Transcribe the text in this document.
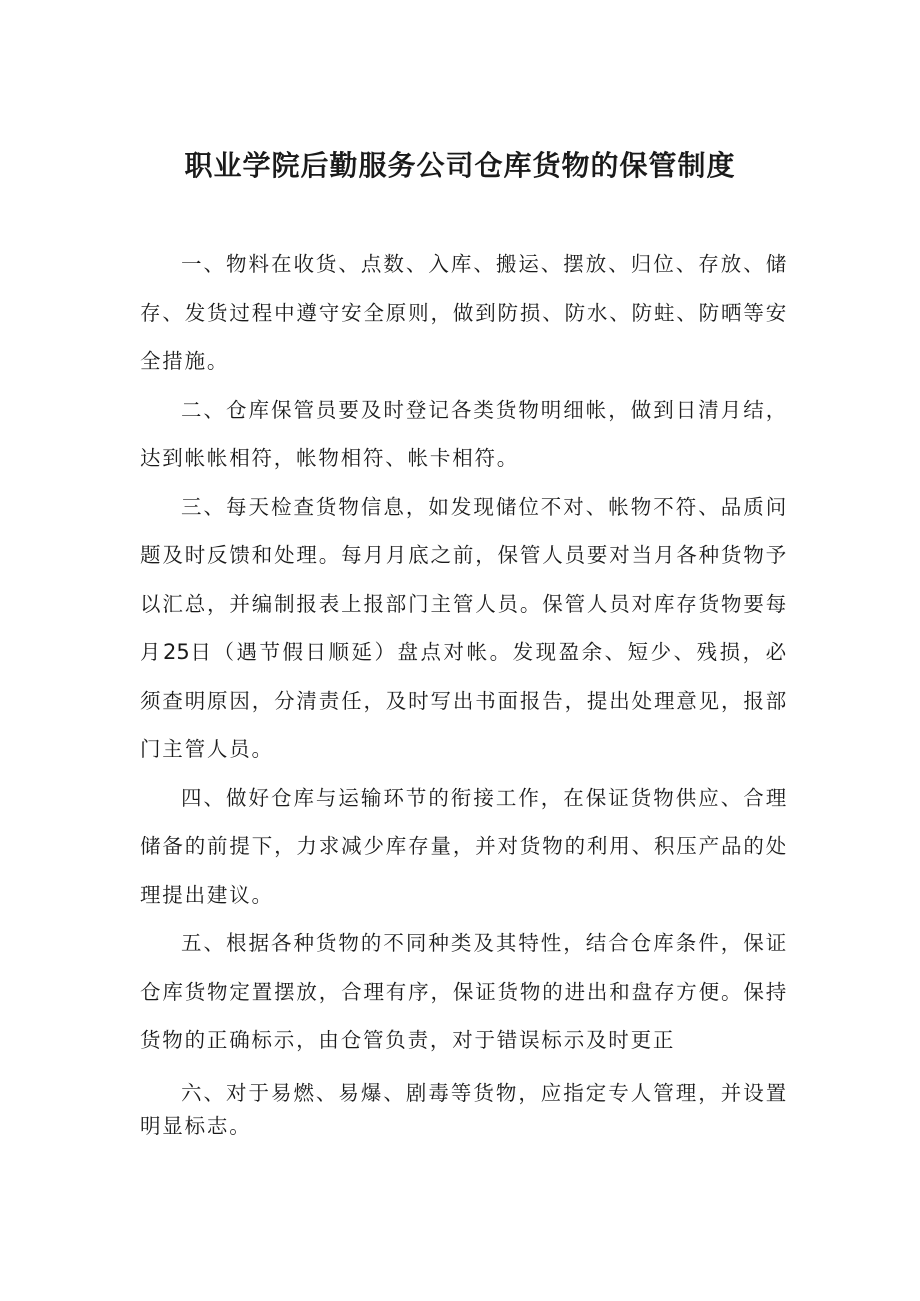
职业学院后勤服务公司仓库货物的保管制度

一、物料在收货、点数、入库、搬运、摆放、归位、存放、储存、发货过程中遵守安全原则，做到防损、防水、防蛀、防晒等安全措施。

二、仓库保管员要及时登记各类货物明细帐，做到日清月结，达到帐帐相符，帐物相符、帐卡相符。

三、每天检查货物信息，如发现储位不对、帐物不符、品质问题及时反馈和处理。每月月底之前，保管人员要对当月各种货物予以汇总，并编制报表上报部门主管人员。保管人员对库存货物要每月25日（遇节假日顺延）盘点对帐。发现盈余、短少、残损，必须查明原因，分清责任，及时写出书面报告，提出处理意见，报部门主管人员。

四、做好仓库与运输环节的衔接工作，在保证货物供应、合理储备的前提下，力求减少库存量，并对货物的利用、积压产品的处理提出建议。

五、根据各种货物的不同种类及其特性，结合仓库条件，保证仓库货物定置摆放，合理有序，保证货物的进出和盘存方便。保持货物的正确标示，由仓管负责，对于错误标示及时更正

六、对于易燃、易爆、剧毒等货物，应指定专人管理，并设置明显标志。
